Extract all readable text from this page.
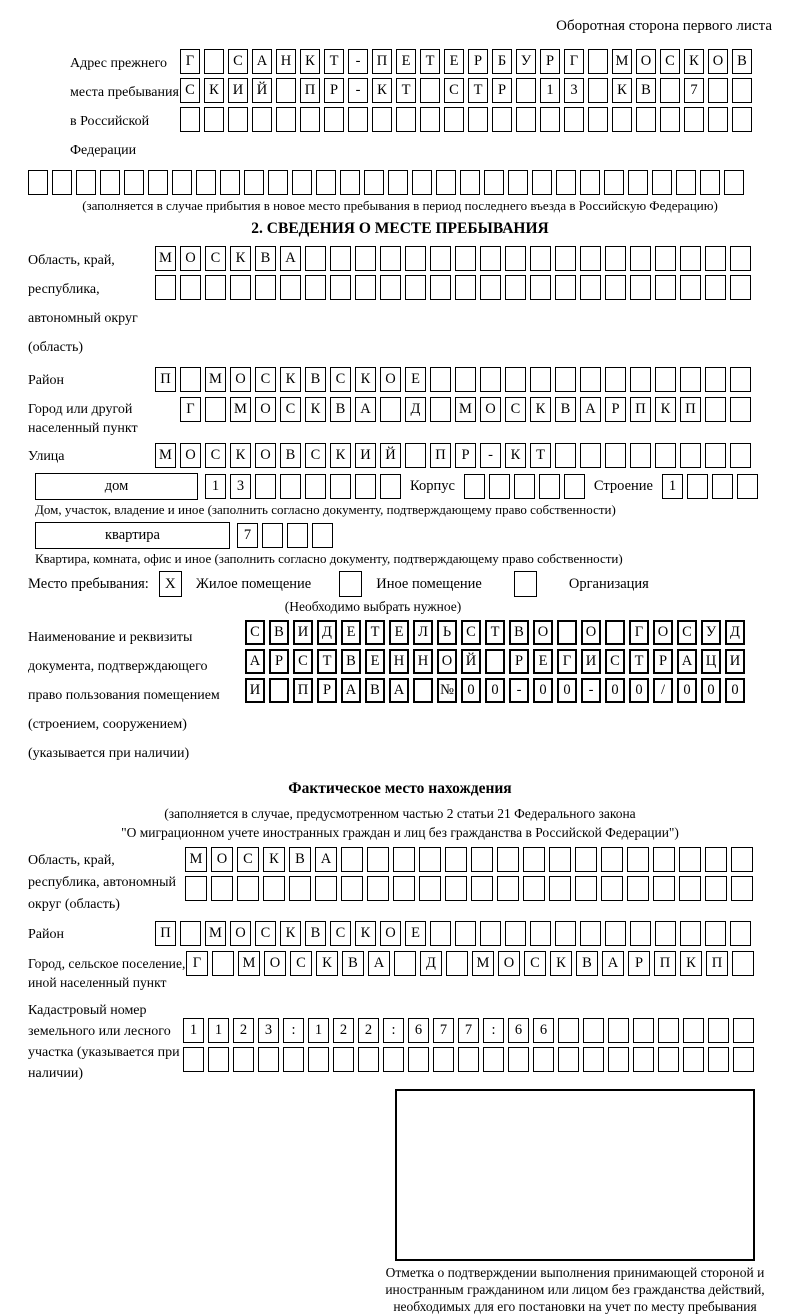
Оборотная сторона первого листа
Адрес прежнего места пребывания в Российской Федерации
Г	С А Н К	Т	-	П Е	Т	Е	Р	Б	У	Р	Г	М О С К О В
С К И Й	П	Р	-	К	Т	С	Т	Р	1	3	К В	7
(заполняется в случае прибытия в новое место пребывания в период последнего въезда в Российскую Федерацию)
2. СВЕДЕНИЯ О МЕСТЕ ПРЕБЫВАНИЯ
Область, край, республика, автономный округ (область)
М О	С	К	В	А
Район	П	М О	С	К	В	С	К	О	Е
Город или другой населенный пункт
Г	М О	С	К	В	А	Д	М О	С	К	В	А	Р	П	К	П
Улица	М О	С	К	О	В	С	К	И	Й	П	Р	-	К	Т
дом	1	3	Корпус	Строение	1
Дом, участок, владение и иное (заполнить согласно документу, подтверждающему право собственности)
квартира	7
Квартира, комната, офис и иное (заполнить согласно документу, подтверждающему право собственности)
Место пребывания:	X	Жилое помещение	Иное помещение	Организация
(Необходимо выбрать нужное)
Наименование и реквизиты документа, подтверждающего право пользования помещением (строением, сооружением) (указывается при наличии)
С В И Д	Е	Т	Е	Л	Ь	С	Т	В О	О	Г	О С У Д
А	Р	С	Т	В	Е Н Н О Й	Р	Е	Г	И С	Т	Р	А Ц И
И	П	Р	А В А	№ 0	0	-	0	0	-	0	0	/	0	0	0
Фактическое место нахождения
(заполняется в случае, предусмотренном частью 2 статьи 21 Федерального закона
"О миграционном учете иностранных граждан и лиц без гражданства в Российской Федерации")
Область, край, республика, автономный округ (область)
М О	С	К	В	А
Район	П	М О	С	К	В	С	К	О	Е
Город, сельское поселение, иной населенный пункт
Г	М О	С	К	В	А	Д	М О	С	К	В	А	Р	П	К	П
Кадастровый номер земельного или лесного участка (указывается при наличии)
1	1	2	3	:	1	2	2	:	6	7	7	:	6	6
Отметка о подтверждении выполнения принимающей стороной и иностранным гражданином или лицом без гражданства действий, необходимых для его постановки на учет по месту пребывания
